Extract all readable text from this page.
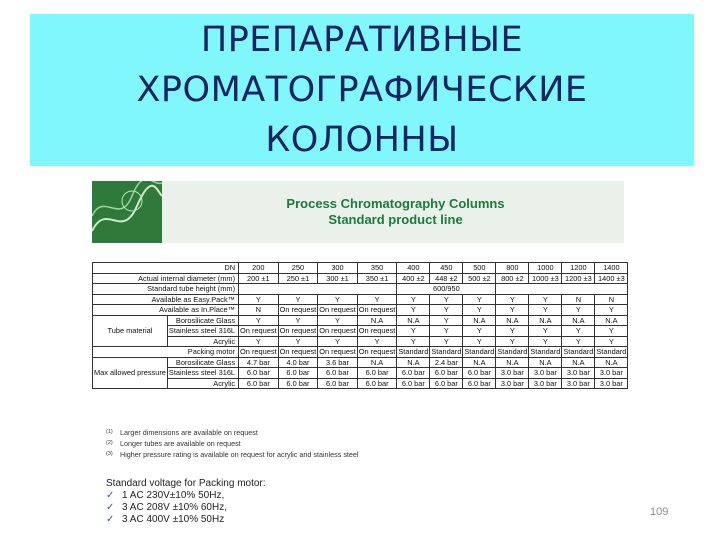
ПРЕПАРАТИВНЫЕ
ХРОМАТОГРАФИЧЕСКИЕ
КОЛОННЫ
Process Chromatography Columns
Standard product line
DN		200	250	300	350	400	450	500	800	1000	1200	1400
Actual internal diameter (mm)		200 ±1	250 ±1	300 ±1	350 ±1	400 ±2	448 ±2	500 ±2	800 ±2	1000 ±3	1200 ±3	1400 ±3
Standard tube height (mm)						600/950						
Available as Easy.Pack™		Y	Y	Y	Y	Y	Y	Y	Y	Y	N	N
Available as In.Place™		N	On request	On request	On request	Y	Y	Y	Y	Y	Y	Y
Tube material	Borosilicate Glass	Y	Y	Y	N.A	N.A	Y	N.A	N.A	N.A	N.A	N.A
	Stainless steel 316L	On request	On request	On request	On request	Y	Y	Y	Y	Y	Y	Y
	Acrylic	Y	Y	Y	Y	Y	Y	Y	Y	Y	Y	Y
Packing motor		On request	On request	On request	On request	Standard	Standard	Standard	Standard	Standard	Standard	Standard
Max allowed pressure	Borosilicate Glass	4.7 bar	4.0 bar	3.6 bar	N.A	N.A	2.4 bar	N.A	N.A	N.A	N.A	N.A
	Stainless steel 316L	6.0 bar	6.0 bar	6.0 bar	6.0 bar	6.0 bar	6.0 bar	6.0 bar	3.0 bar	3.0 bar	3.0 bar	3.0 bar
	Acrylic	6.0 bar	6.0 bar	6.0 bar	6.0 bar	6.0 bar	6.0 bar	6.0 bar	3.0 bar	3.0 bar	3.0 bar	3.0 bar
(1) Larger dimensions are available on request
(2) Longer tubes are available on request
(3) Higher pressure rating is available on request for acrylic and stainless steel
Standard voltage for Packing motor:
✓ 1 AC 230V±10% 50Hz,
✓ 3 AC 208V ±10% 60Hz,
✓ 3 AC 400V ±10% 50Hz
109
